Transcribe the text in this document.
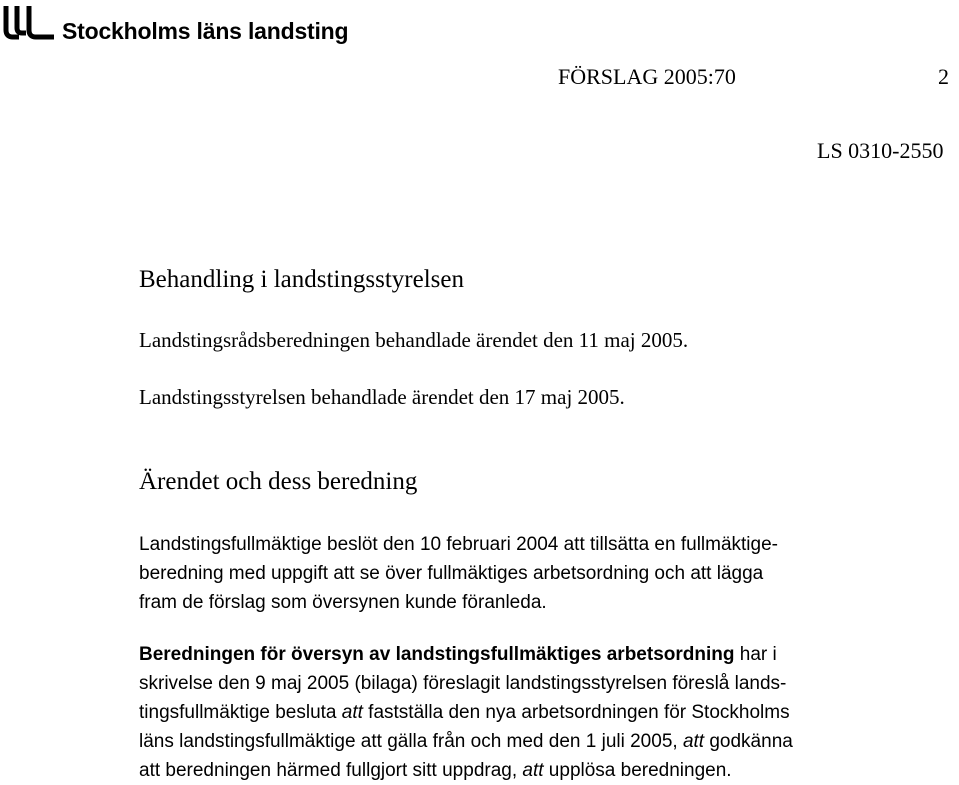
Stockholms läns landsting
FÖRSLAG 2005:70	2
LS 0310-2550
Behandling i landstingsstyrelsen
Landstingsrådsberedningen behandlade ärendet den 11 maj 2005.
Landstingsstyrelsen behandlade ärendet den 17 maj 2005.
Ärendet och dess beredning
Landstingsfullmäktige beslöt den 10 februari 2004 att tillsätta en fullmäktige-
beredning med uppgift att se över fullmäktiges arbetsordning och att lägga
fram de förslag som översynen kunde föranleda.
Beredningen för översyn av landstingsfullmäktiges arbetsordning har i
skrivelse den 9 maj 2005 (bilaga) föreslagit landstingsstyrelsen föreslå lands-
tingsfullmäktige besluta att fastställa den nya arbetsordningen för Stockholms
läns landstingsfullmäktige att gälla från och med den 1 juli 2005, att godkänna
att beredningen härmed fullgjort sitt uppdrag, att upplösa beredningen.
